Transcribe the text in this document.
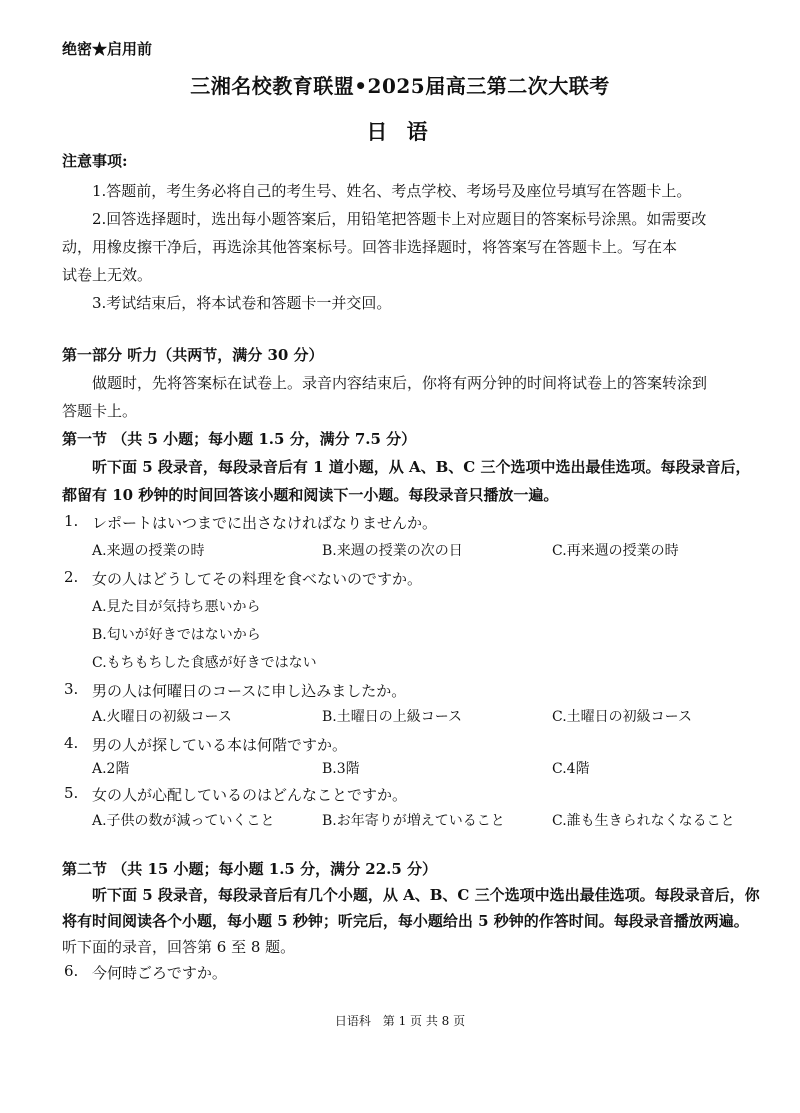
绝密★启用前
三湘名校教育联盟•2025届高三第二次大联考
日 语
注意事项:
1.答题前，考生务必将自己的考生号、姓名、考点学校、考场号及座位号填写在答题卡上。
2.回答选择题时，选出每小题答案后，用铅笔把答题卡上对应题目的答案标号涂黑。如需要改
动，用橡皮擦干净后，再选涂其他答案标号。回答非选择题时，将答案写在答题卡上。写在本
试卷上无效。
3.考试结束后，将本试卷和答题卡一并交回。
第一部分 听力（共两节，满分 30 分）
做题时，先将答案标在试卷上。录音内容结束后，你将有两分钟的时间将试卷上的答案转涂到
答题卡上。
第一节 （共 5 小题；每小题 1.5 分，满分 7.5 分）
听下面 5 段录音，每段录音后有 1 道小题，从 A、B、C 三个选项中选出最佳选项。每段录音后，
都留有 10 秒钟的时间回答该小题和阅读下一小题。每段录音只播放一遍。
1. レポートはいつまでに出さなければなりませんか。
A.来週の授業の時	B.来週の授業の次の日	C.再来週の授業の時
2. 女の人はどうしてその料理を食べないのですか。
A.見た目が気持ち悪いから
B.匂いが好きではないから
C.もちもちした食感が好きではない
3. 男の人は何曜日のコースに申し込みましたか。
A.火曜日の初級コース	B.土曜日の上級コース	C.土曜日の初級コース
4. 男の人が探している本は何階ですか。
A.2階	B.3階	C.4階
5. 女の人が心配しているのはどんなことですか。
A.子供の数が減っていくこと	B.お年寄りが増えていること	C.誰も生きられなくなること
第二节 （共 15 小题；每小题 1.5 分，满分 22.5 分）
听下面 5 段录音，每段录音后有几个小题，从 A、B、C 三个选项中选出最佳选项。每段录音后，你
将有时间阅读各个小题，每小题 5 秒钟；听完后，每小题给出 5 秒钟的作答时间。每段录音播放两遍。
听下面的录音，回答第 6 至 8 题。
6. 今何時ごろですか。
日语科 第 1 页 共 8 页
